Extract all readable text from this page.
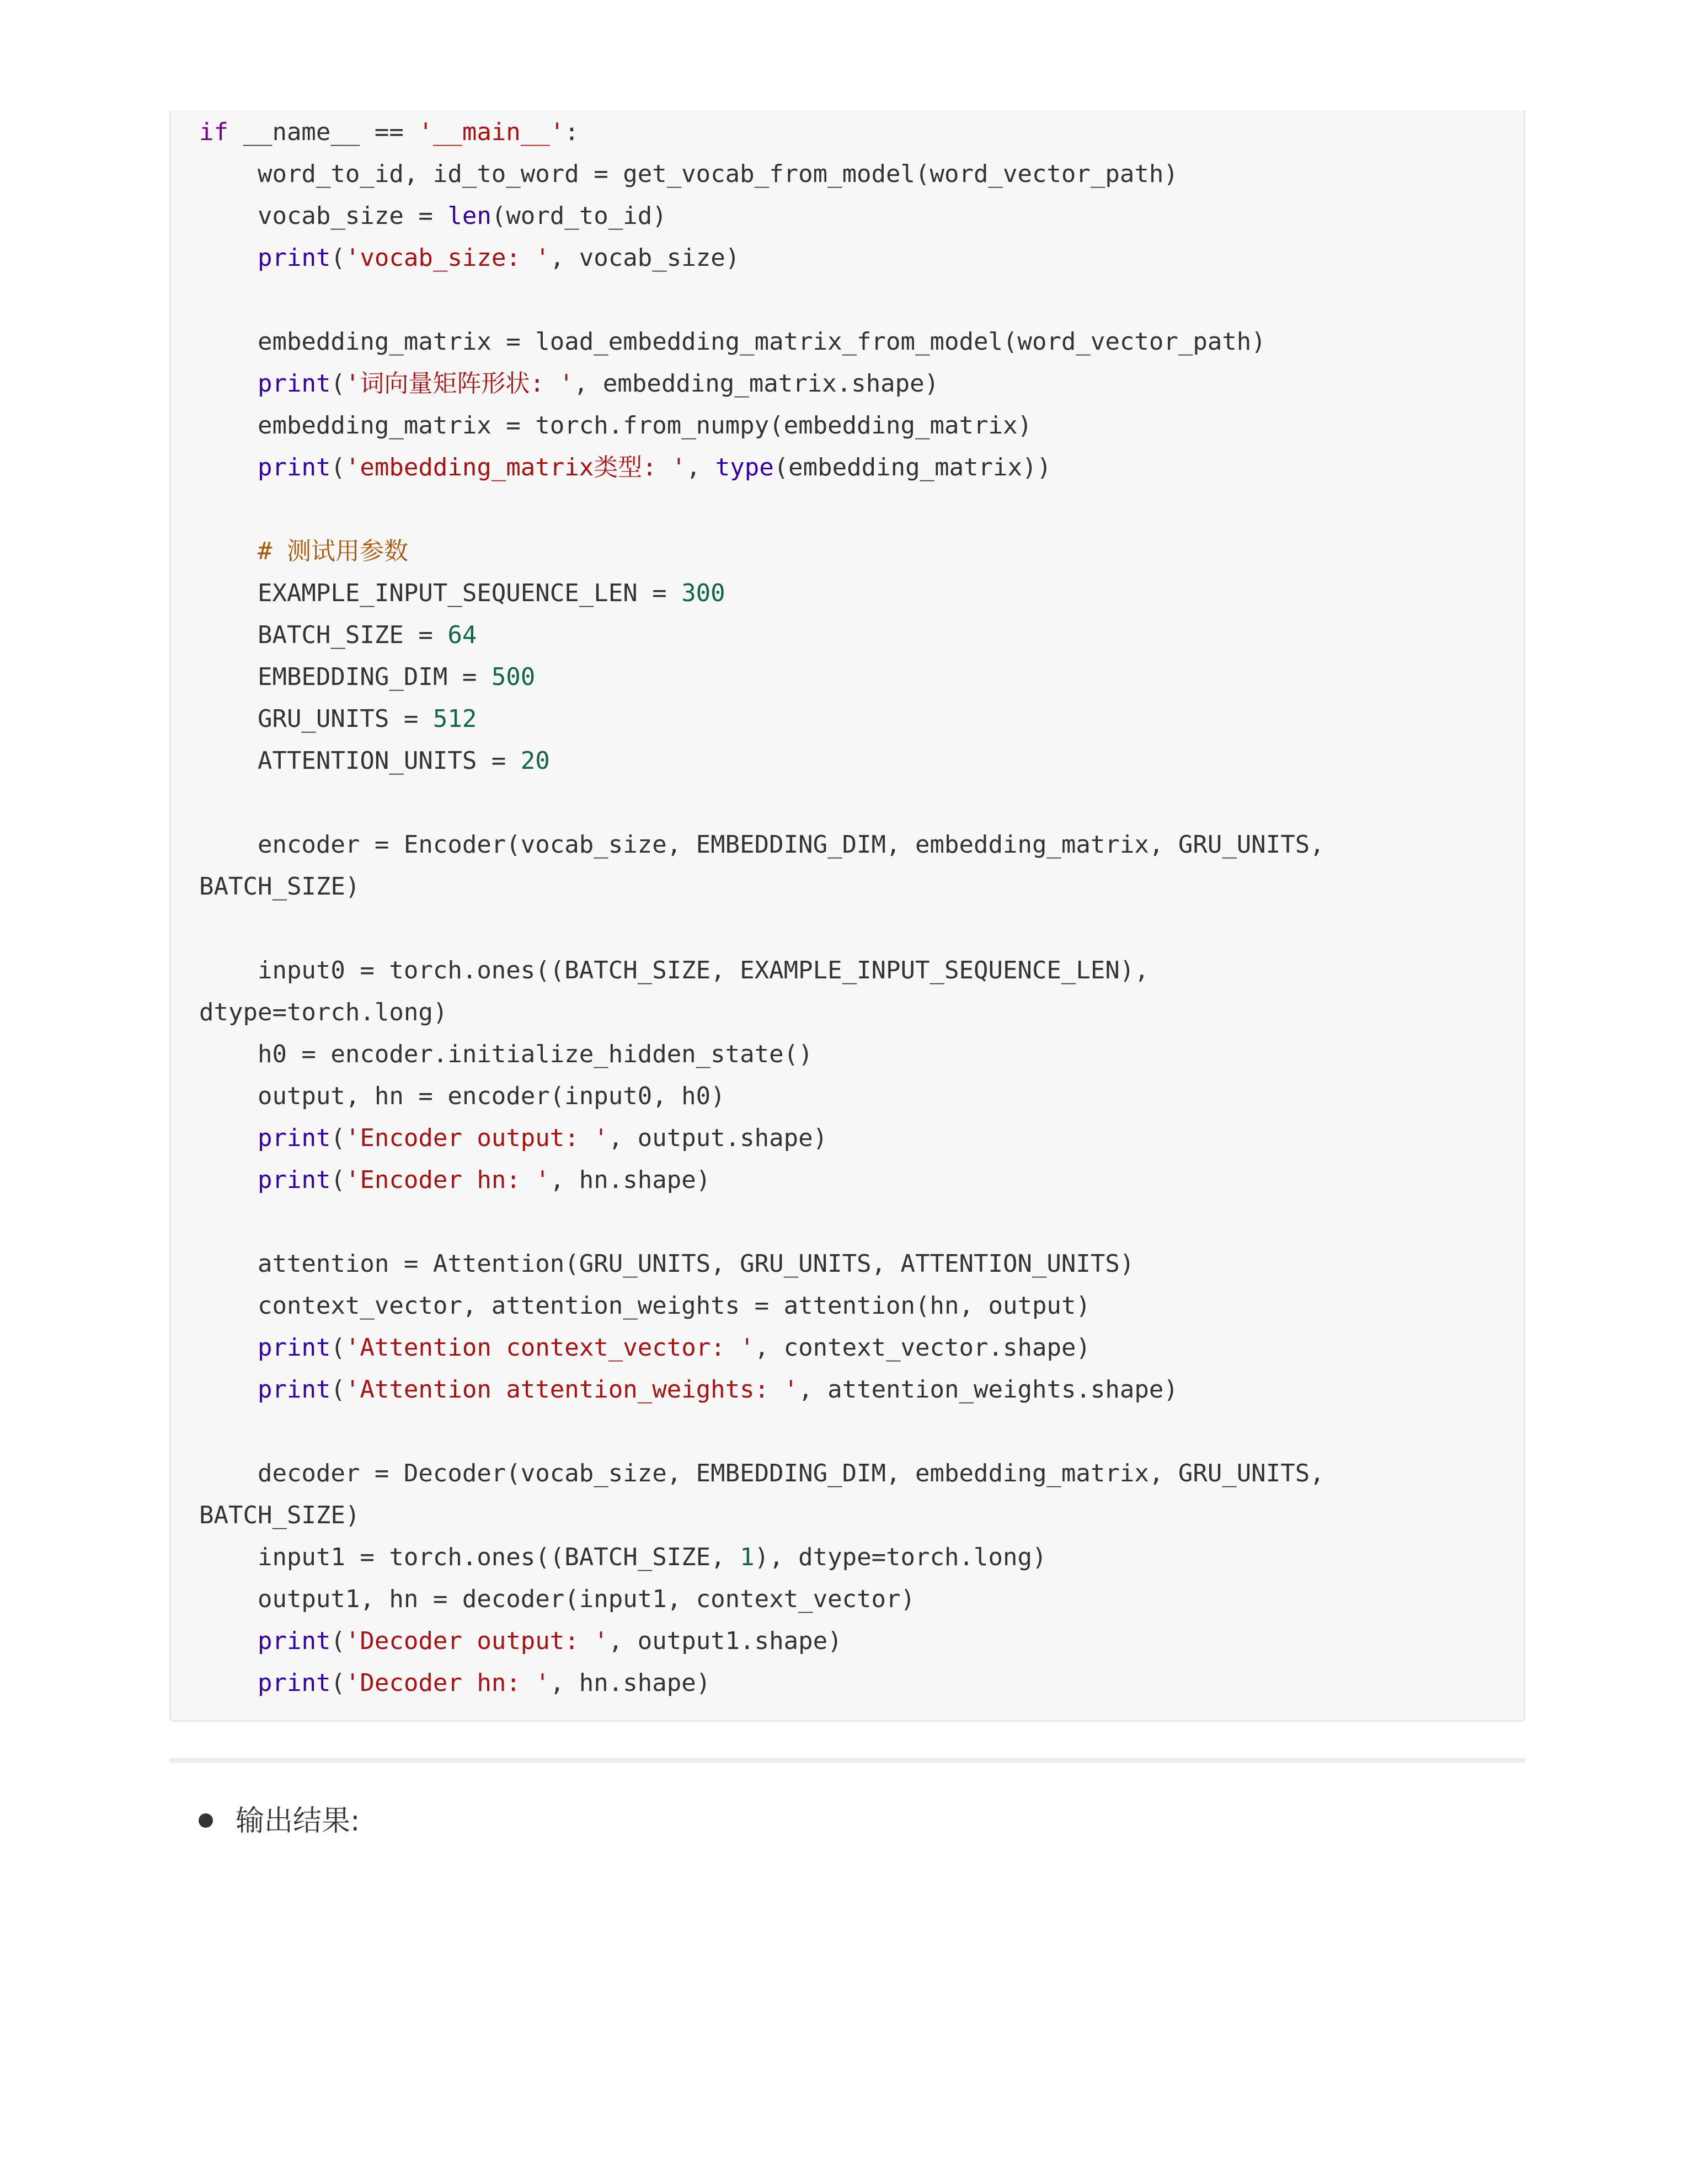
if __name__ == '__main__':
word_to_id, id_to_word = get_vocab_from_model(word_vector_path)
vocab_size = len(word_to_id)
print('vocab_size: ', vocab_size)
embedding_matrix = load_embedding_matrix_from_model(word_vector_path)
print('词向量矩阵形状: ', embedding_matrix.shape)
embedding_matrix = torch.from_numpy(embedding_matrix)
print('embedding_matrix类型: ', type(embedding_matrix))
# 测试用参数
EXAMPLE_INPUT_SEQUENCE_LEN = 300
BATCH_SIZE = 64
EMBEDDING_DIM = 500
GRU_UNITS = 512
ATTENTION_UNITS = 20
encoder = Encoder(vocab_size, EMBEDDING_DIM, embedding_matrix, GRU_UNITS,
BATCH_SIZE)
input0 = torch.ones((BATCH_SIZE, EXAMPLE_INPUT_SEQUENCE_LEN),
dtype=torch.long)
h0 = encoder.initialize_hidden_state()
output, hn = encoder(input0, h0)
print('Encoder output: ', output.shape)
print('Encoder hn: ', hn.shape)
attention = Attention(GRU_UNITS, GRU_UNITS, ATTENTION_UNITS)
context_vector, attention_weights = attention(hn, output)
print('Attention context_vector: ', context_vector.shape)
print('Attention attention_weights: ', attention_weights.shape)
decoder = Decoder(vocab_size, EMBEDDING_DIM, embedding_matrix, GRU_UNITS,
BATCH_SIZE)
input1 = torch.ones((BATCH_SIZE, 1), dtype=torch.long)
output1, hn = decoder(input1, context_vector)
print('Decoder output: ', output1.shape)
print('Decoder hn: ', hn.shape)
输出结果:
